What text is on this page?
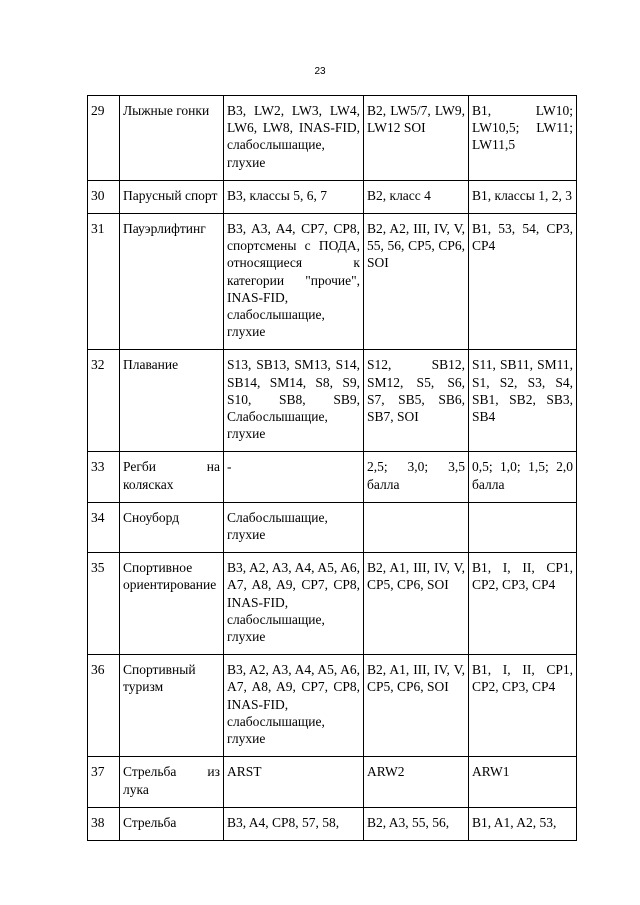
23
29	Лыжные гонки	B3, LW2, LW3, LW4, LW6, LW8, INAS-FID, слабослышащие, глухие	B2, LW5/7, LW9, LW12 SOI	B1, LW10; LW10,5; LW11; LW11,5
30	Парусный спорт	B3, классы 5, 6, 7	B2, класс 4	B1, классы 1, 2, 3
31	Пауэрлифтинг	B3, A3, A4, CP7, CP8, спортсмены с ПОДА, относящиеся к категории "прочие", INAS-FID, слабослышащие, глухие	B2, A2, III, IV, V, 55, 56, CP5, CP6, SOI	B1, 53, 54, CP3, CP4
32	Плавание	S13, SB13, SM13, S14, SB14, SM14, S8, S9, S10, SB8, SB9, Слабослышащие, глухие	S12, SB12, SM12, S5, S6, S7, SB5, SB6, SB7, SOI	S11, SB11, SM11, S1, S2, S3, S4, SB1, SB2, SB3, SB4
33	Регби на колясках	-	2,5; 3,0; 3,5 балла	0,5; 1,0; 1,5; 2,0 балла
34	Сноуборд	Слабослышащие, глухие		
35	Спортивное ориентирование	B3, A2, A3, A4, A5, A6, A7, A8, A9, CP7, CP8, INAS-FID, слабослышащие, глухие	B2, A1, III, IV, V, CP5, CP6, SOI	B1, I, II, CP1, CP2, CP3, CP4
36	Спортивный туризм	B3, A2, A3, A4, A5, A6, A7, A8, A9, CP7, CP8, INAS-FID, слабослышащие, глухие	B2, A1, III, IV, V, CP5, CP6, SOI	B1, I, II, CP1, CP2, CP3, CP4
37	Стрельба из лука	ARST	ARW2	ARW1
38	Стрельба	B3, A4, CP8, 57, 58,	B2, A3, 55, 56,	B1, A1, A2, 53,
